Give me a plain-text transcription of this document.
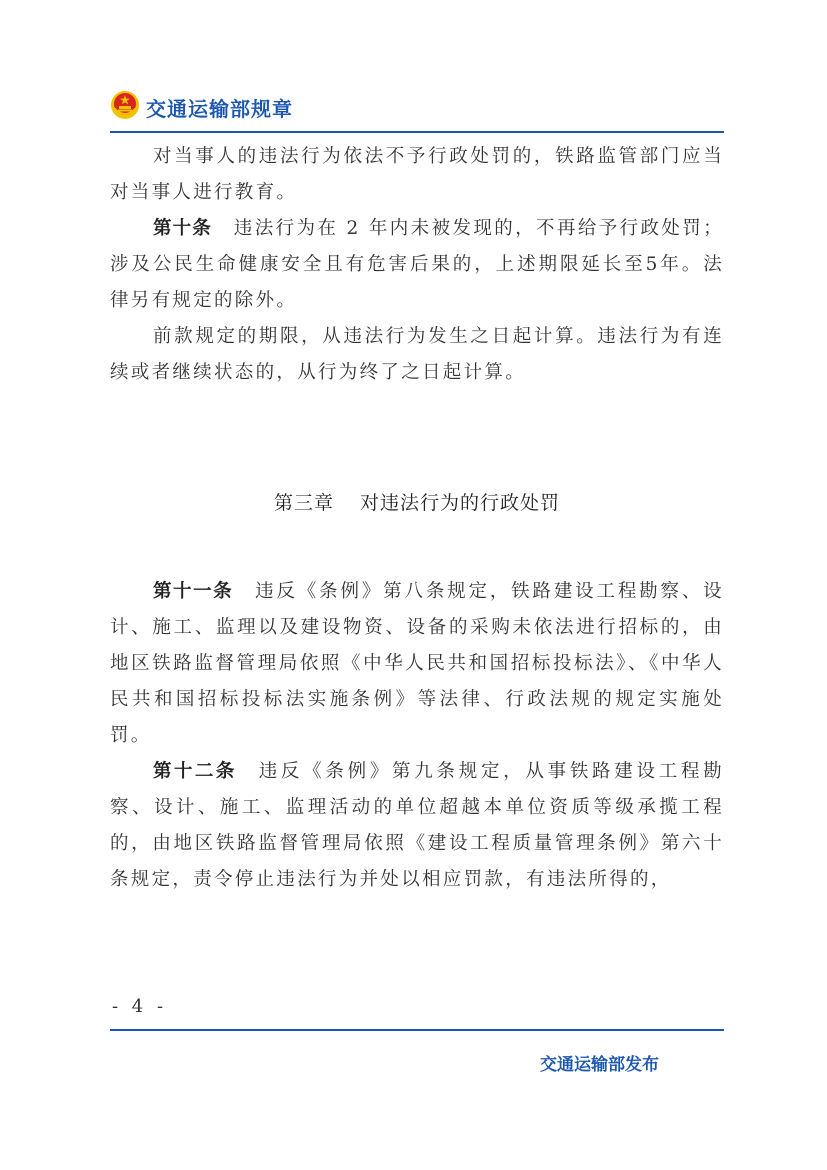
交通运输部规章

对当事人的违法行为依法不予行政处罚的，铁路监管部门应当对当事人进行教育。

第十条 违法行为在 2 年内未被发现的，不再给予行政处罚；涉及公民生命健康安全且有危害后果的，上述期限延长至5年。法律另有规定的除外。

前款规定的期限，从违法行为发生之日起计算。违法行为有连续或者继续状态的，从行为终了之日起计算。

第三章 对违法行为的行政处罚

第十一条 违反《条例》第八条规定，铁路建设工程勘察、设计、施工、监理以及建设物资、设备的采购未依法进行招标的，由地区铁路监督管理局依照《中华人民共和国招标投标法》、《中华人民共和国招标投标法实施条例》等法律、行政法规的规定实施处罚。

第十二条 违反《条例》第九条规定，从事铁路建设工程勘察、设计、施工、监理活动的单位超越本单位资质等级承揽工程的，由地区铁路监督管理局依照《建设工程质量管理条例》第六十条规定，责令停止违法行为并处以相应罚款，有违法所得的，

- 4 -
交通运输部发布
